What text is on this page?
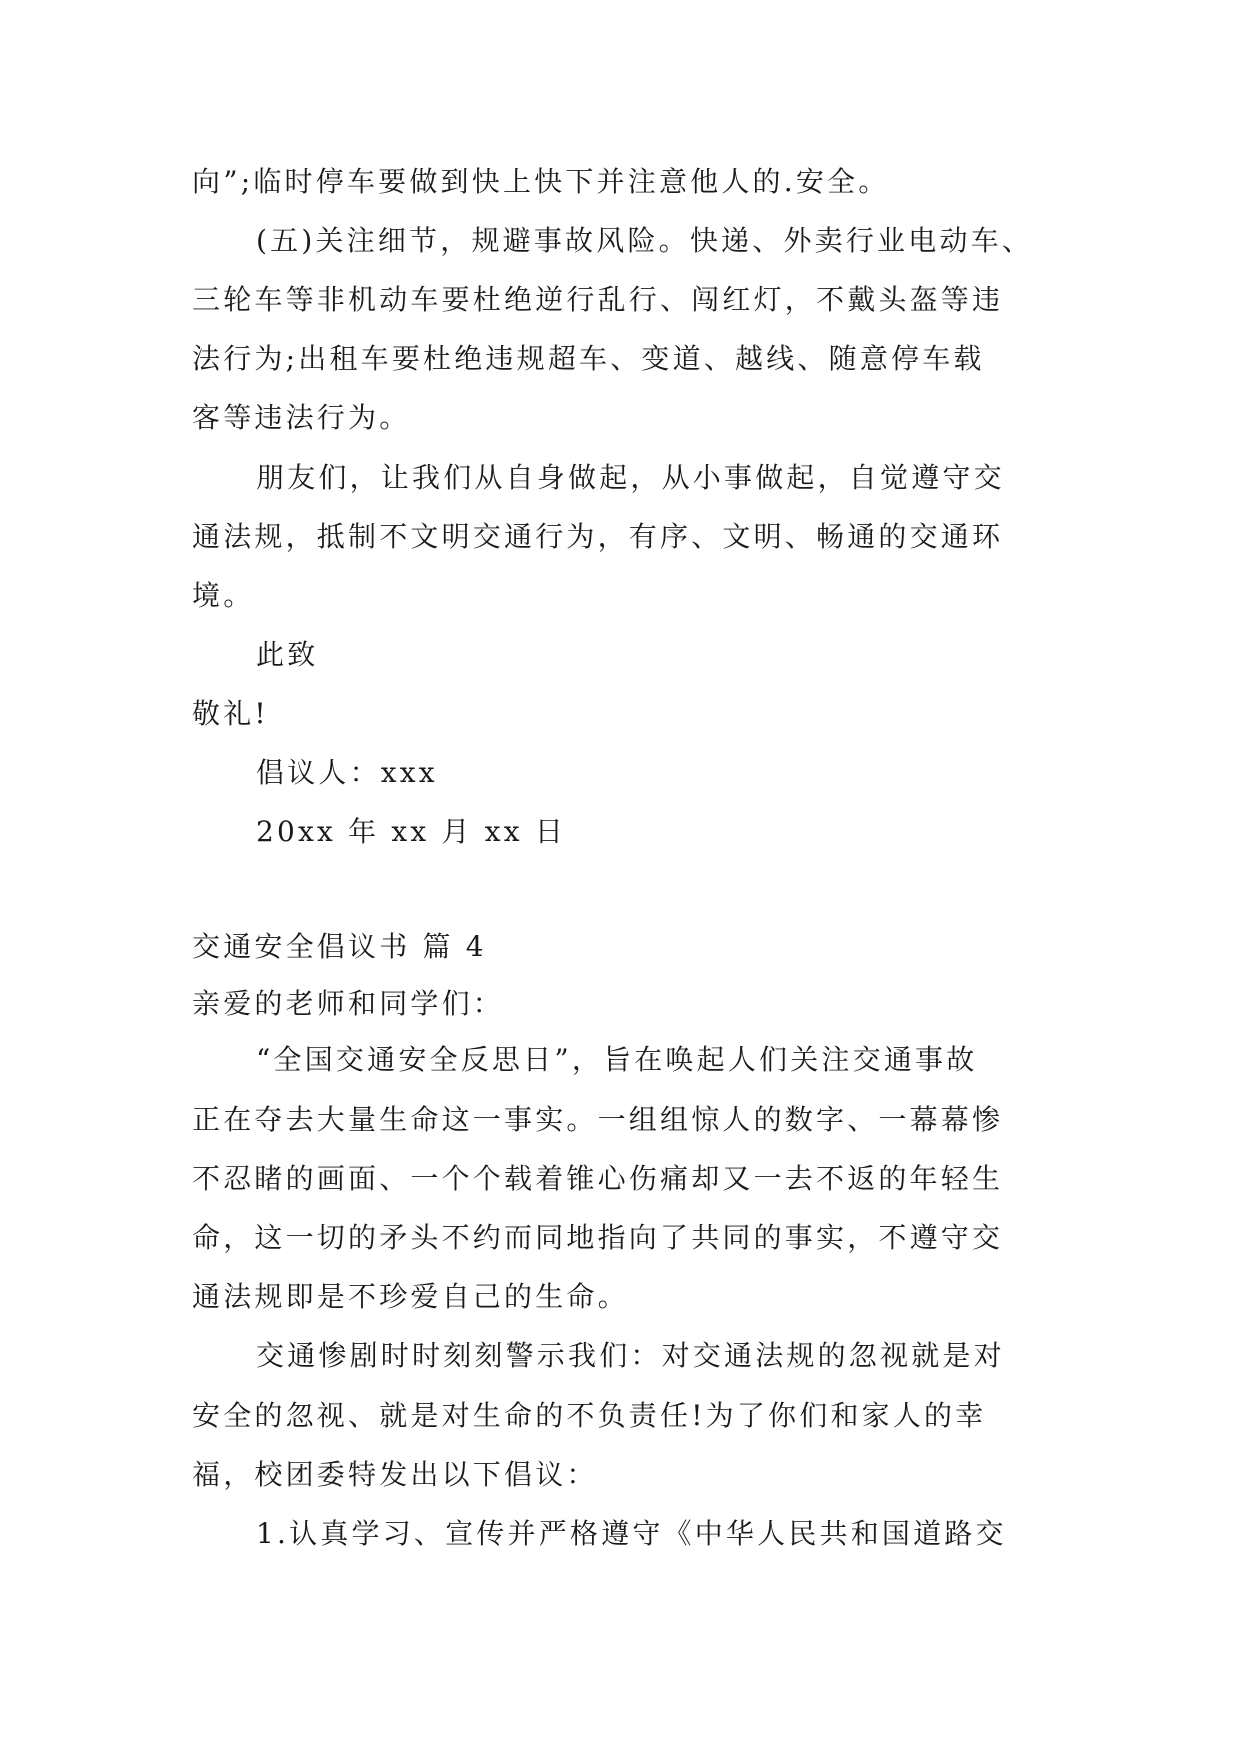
向”;临时停车要做到快上快下并注意他人的.安全。
(五)关注细节，规避事故风险。快递、外卖行业电动车、
三轮车等非机动车要杜绝逆行乱行、闯红灯，不戴头盔等违
法行为;出租车要杜绝违规超车、变道、越线、随意停车载
客等违法行为。
朋友们，让我们从自身做起，从小事做起，自觉遵守交
通法规，抵制不文明交通行为，有序、文明、畅通的交通环
境。
此致
敬礼!
倡议人：xxx
20xx 年 xx 月 xx 日
交通安全倡议书 篇 4
亲爱的老师和同学们：
“全国交通安全反思日”，旨在唤起人们关注交通事故
正在夺去大量生命这一事实。一组组惊人的数字、一幕幕惨
不忍睹的画面、一个个载着锥心伤痛却又一去不返的年轻生
命，这一切的矛头不约而同地指向了共同的事实，不遵守交
通法规即是不珍爱自己的生命。
交通惨剧时时刻刻警示我们：对交通法规的忽视就是对
安全的忽视、就是对生命的不负责任!为了你们和家人的幸
福，校团委特发出以下倡议：
1.认真学习、宣传并严格遵守《中华人民共和国道路交
